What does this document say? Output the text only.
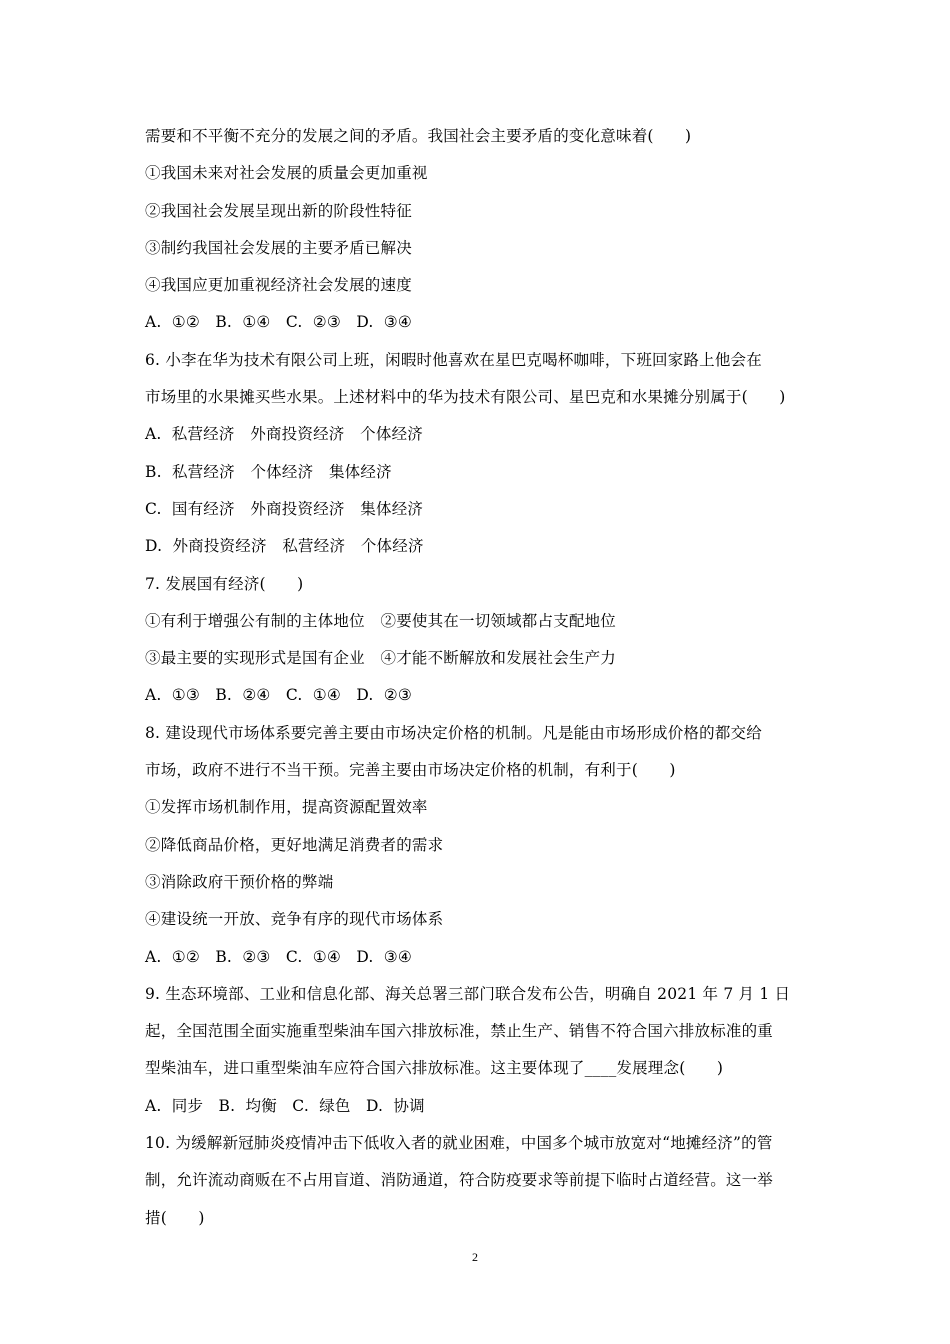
需要和不平衡不充分的发展之间的矛盾。我国社会主要矛盾的变化意味着(　　)
①我国未来对社会发展的质量会更加重视
②我国社会发展呈现出新的阶段性特征
③制约我国社会发展的主要矛盾已解决
④我国应更加重视经济社会发展的速度
A.  ①②   B.  ①④   C.  ②③   D.  ③④
6. 小李在华为技术有限公司上班，闲暇时他喜欢在星巴克喝杯咖啡，下班回家路上他会在
市场里的水果摊买些水果。上述材料中的华为技术有限公司、星巴克和水果摊分别属于(　　)
A.  私营经济　外商投资经济　个体经济
B.  私营经济　个体经济　集体经济
C.  国有经济　外商投资经济　集体经济
D.  外商投资经济　私营经济　个体经济
7. 发展国有经济(　　)
①有利于增强公有制的主体地位　②要使其在一切领域都占支配地位
③最主要的实现形式是国有企业　④才能不断解放和发展社会生产力
A.  ①③   B.  ②④   C.  ①④   D.  ②③
8. 建设现代市场体系要完善主要由市场决定价格的机制。凡是能由市场形成价格的都交给
市场，政府不进行不当干预。完善主要由市场决定价格的机制，有利于(　　)
①发挥市场机制作用，提高资源配置效率
②降低商品价格，更好地满足消费者的需求
③消除政府干预价格的弊端
④建设统一开放、竞争有序的现代市场体系
A.  ①②   B.  ②③   C.  ①④   D.  ③④
9. 生态环境部、工业和信息化部、海关总署三部门联合发布公告，明确自 2021 年 7 月 1 日
起，全国范围全面实施重型柴油车国六排放标准，禁止生产、销售不符合国六排放标准的重
型柴油车，进口重型柴油车应符合国六排放标准。这主要体现了____发展理念(　　)
A.  同步   B.  均衡   C.  绿色   D.  协调
10. 为缓解新冠肺炎疫情冲击下低收入者的就业困难，中国多个城市放宽对“地摊经济”的管
制，允许流动商贩在不占用盲道、消防通道，符合防疫要求等前提下临时占道经营。这一举
措(　　)
2
